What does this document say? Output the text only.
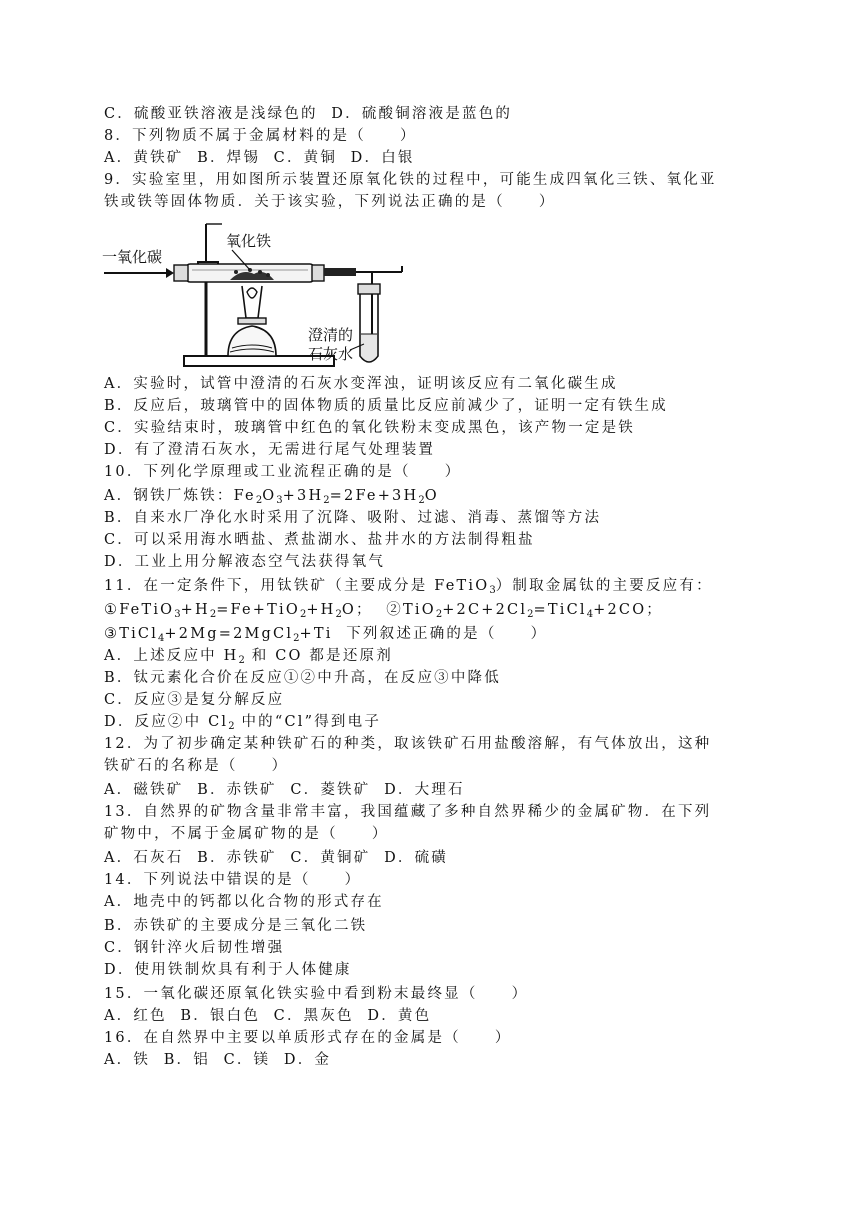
C．硫酸亚铁溶液是浅绿色的  D．硫酸铜溶液是蓝色的
8．下列物质不属于金属材料的是（     ）
A．黄铁矿  B．焊锡  C．黄铜  D．白银
9．实验室里，用如图所示装置还原氧化铁的过程中，可能生成四氧化三铁、氧化亚
铁或铁等固体物质．关于该实验，下列说法正确的是（     ）
A．实验时，试管中澄清的石灰水变浑浊，证明该反应有二氧化碳生成
B．反应后，玻璃管中的固体物质的质量比反应前减少了，证明一定有铁生成
C．实验结束时，玻璃管中红色的氧化铁粉末变成黑色，该产物一定是铁
D．有了澄清石灰水，无需进行尾气处理装置
10．下列化学原理或工业流程正确的是（     ）
A．钢铁厂炼铁：$Fe_2O_3+3H_2=2Fe+3H_2O$
B．自来水厂净化水时采用了沉降、吸附、过滤、消毒、蒸馏等方法
C．可以采用海水晒盐、煮盐湖水、盐井水的方法制得粗盐
D．工业上用分解液态空气法获得氧气
11．在一定条件下，用钛铁矿（主要成分是 FeTiO$_3$）制取金属钛的主要反应有：
$①FeTiO_3+H_2=Fe+TiO_2+H_2O$；  $②TiO_2+2C+2Cl_2=TiCl_4+2CO$；
③TiCl$_4$+2Mg=2MgCl$_2$+Ti  下列叙述正确的是（     ）
A．上述反应中 $H_2$ 和 CO 都是还原剂
B．钛元素化合价在反应①②中升高，在反应③中降低
C．反应③是复分解反应
D．反应②中 $Cl_2$ 中的“Cl”得到电子
12．为了初步确定某种铁矿石的种类，取该铁矿石用盐酸溶解，有气体放出，这种
铁矿石的名称是（     ）
A．磁铁矿  B．赤铁矿  C．菱铁矿  D．大理石
13．自然界的矿物含量非常丰富，我国蕴藏了多种自然界稀少的金属矿物．在下列
矿物中，不属于金属矿物的是（     ）
A．石灰石  B．赤铁矿  C．黄铜矿  D．硫磺
14．下列说法中错误的是（     ）
A．地壳中的钙都以化合物的形式存在
B．赤铁矿的主要成分是三氧化二铁
C．钢针淬火后韧性增强
D．使用铁制炊具有利于人体健康
15．一氧化碳还原氧化铁实验中看到粉末最终显（     ）
A．红色  B．银白色  C．黑灰色  D．黄色
16．在自然界中主要以单质形式存在的金属是（     ）
A．铁  B．铝  C．镁  D．金
一氧化碳
氧化铁
澄清的
石灰水
